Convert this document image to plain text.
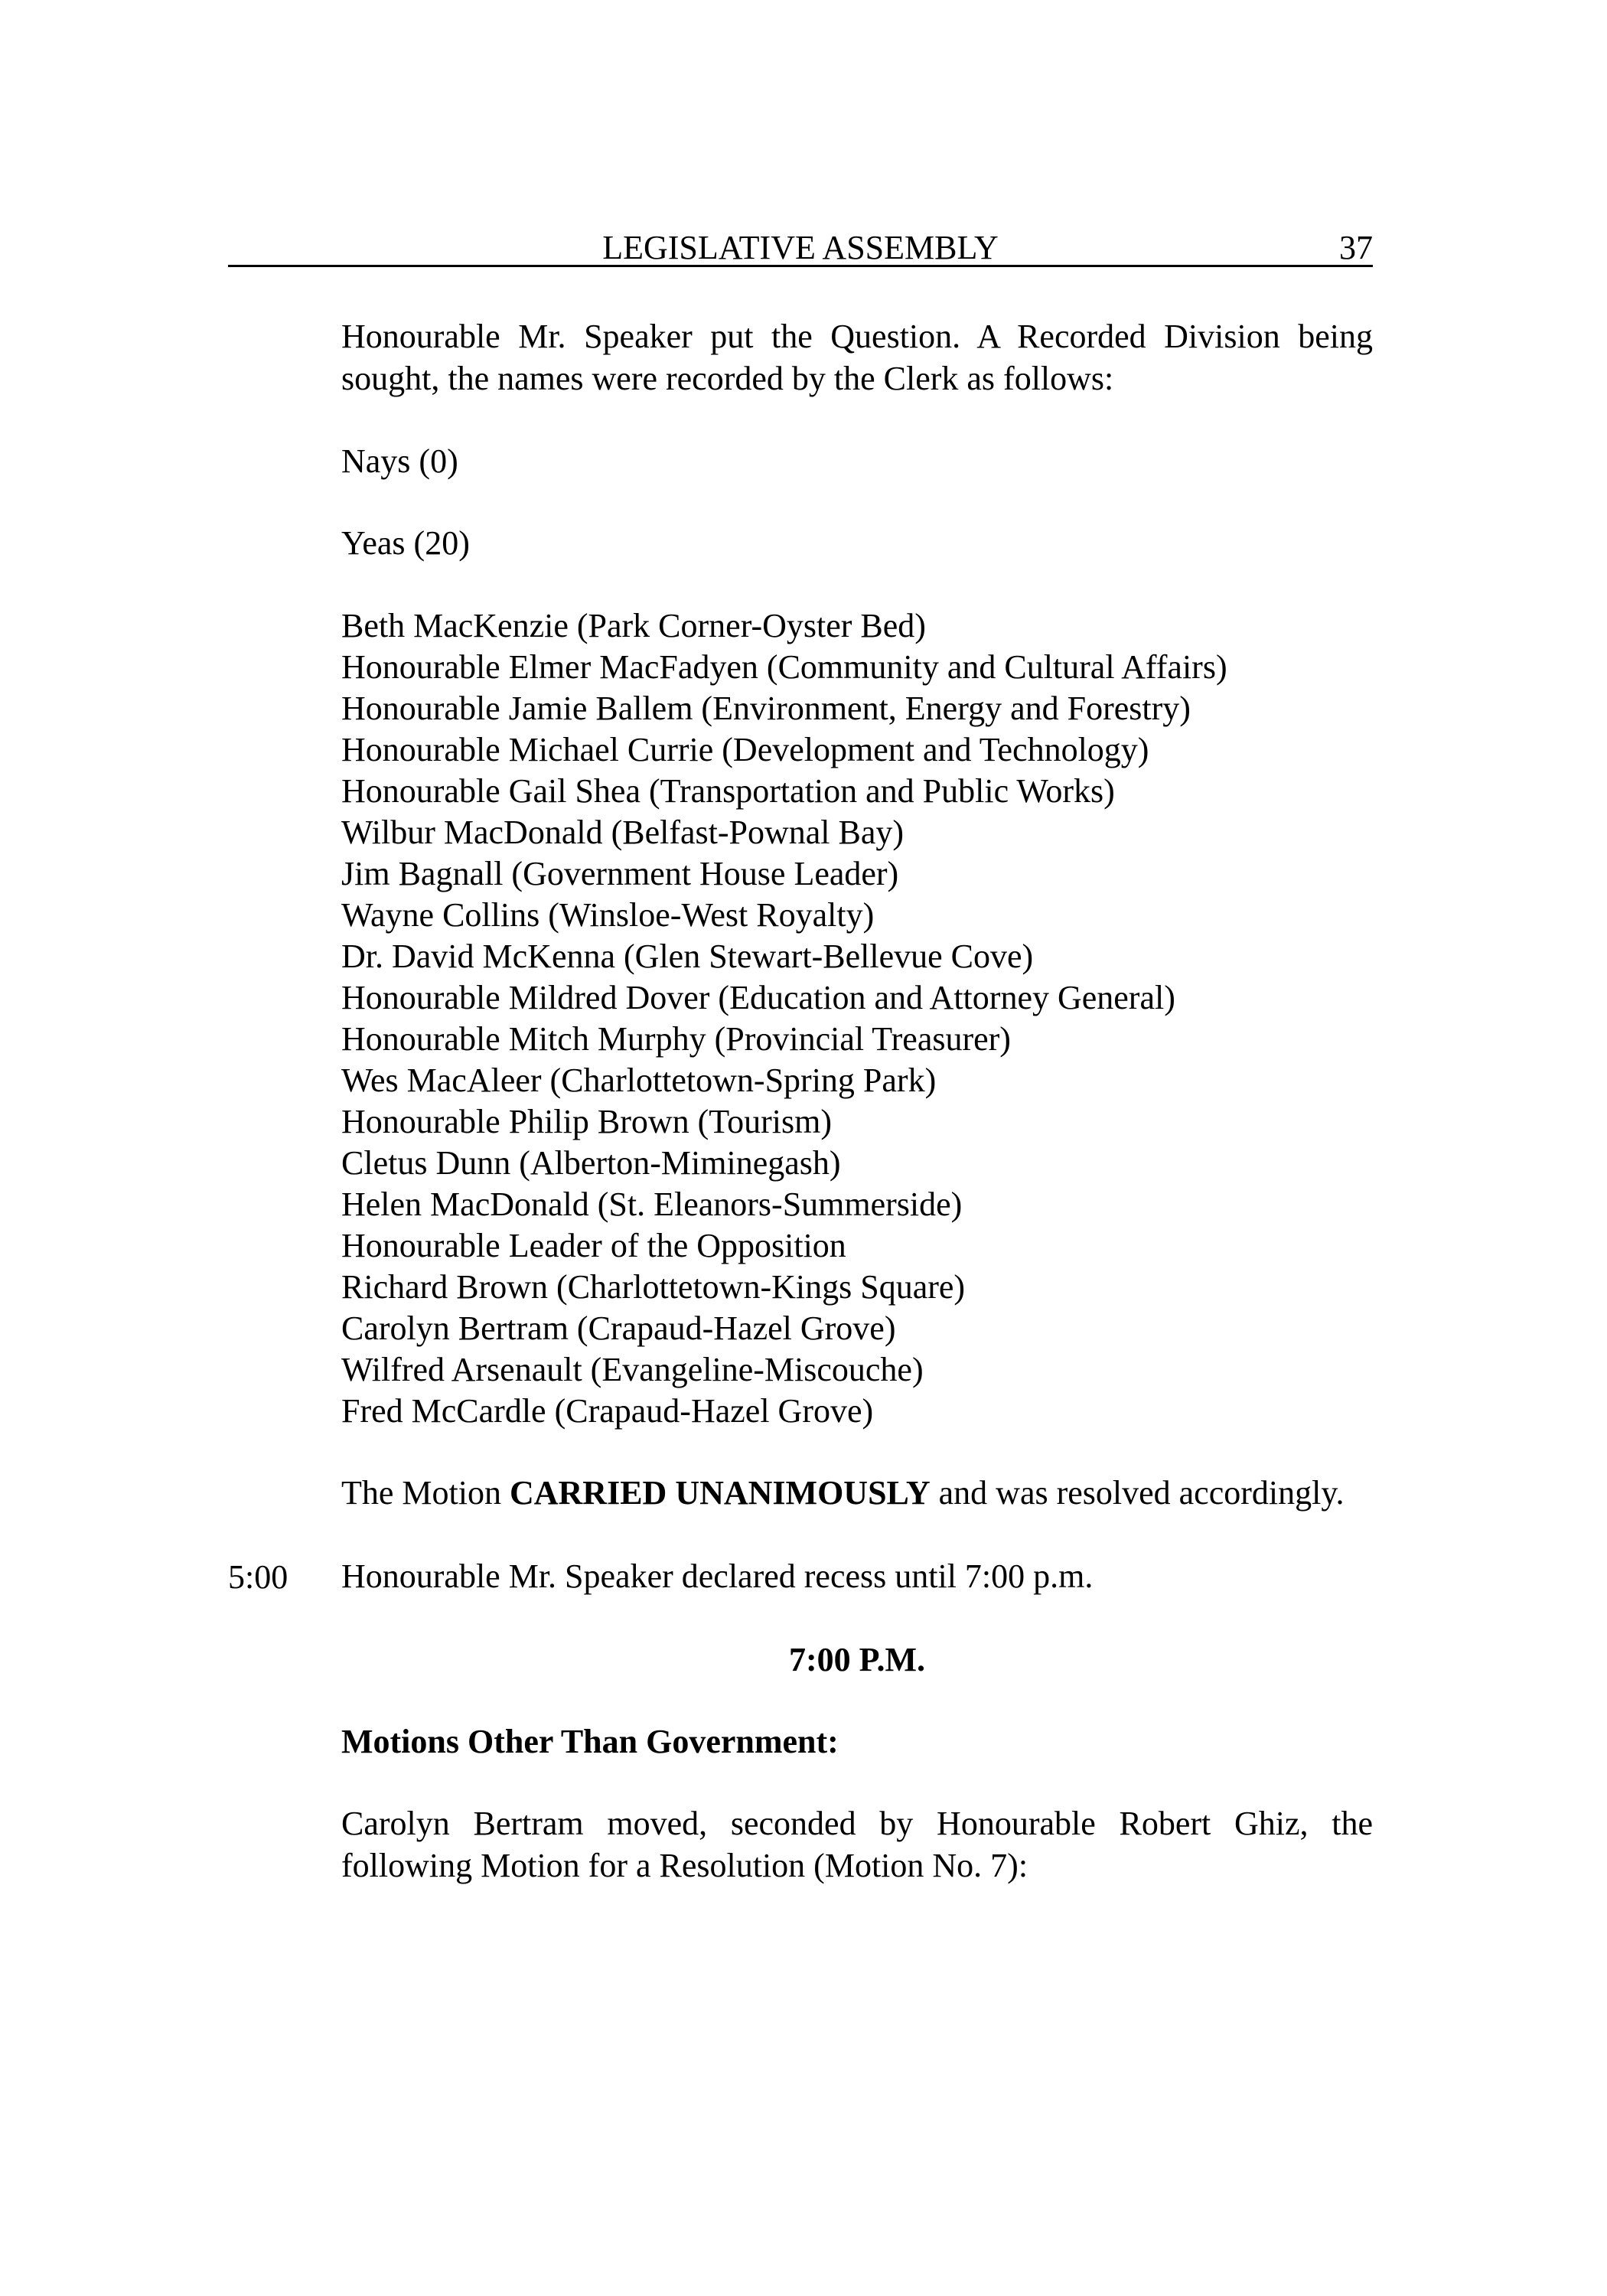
LEGISLATIVE ASSEMBLY	37

Honourable Mr. Speaker put the Question. A Recorded Division being sought, the names were recorded by the Clerk as follows:

Nays (0)

Yeas (20)

Beth MacKenzie (Park Corner-Oyster Bed)

Honourable Elmer MacFadyen (Community and Cultural Affairs)

Honourable Jamie Ballem (Environment, Energy and Forestry)

Honourable Michael Currie (Development and Technology)

Honourable Gail Shea (Transportation and Public Works)

Wilbur MacDonald (Belfast-Pownal Bay)

Jim Bagnall (Government House Leader)

Wayne Collins (Winsloe-West Royalty)

Dr. David McKenna (Glen Stewart-Bellevue Cove)

Honourable Mildred Dover (Education and Attorney General)

Honourable Mitch Murphy (Provincial Treasurer)

Wes MacAleer (Charlottetown-Spring Park)

Honourable Philip Brown (Tourism)

Cletus Dunn (Alberton-Miminegash)

Helen MacDonald (St. Eleanors-Summerside)

Honourable Leader of the Opposition

Richard Brown (Charlottetown-Kings Square)

Carolyn Bertram (Crapaud-Hazel Grove)

Wilfred Arsenault (Evangeline-Miscouche)

Fred McCardle (Crapaud-Hazel Grove)

The Motion CARRIED UNANIMOUSLY and was resolved accordingly.

5:00 Honourable Mr. Speaker declared recess until 7:00 p.m.

7:00 P.M.
Motions Other Than Government:

Carolyn Bertram moved, seconded by Honourable Robert Ghiz, the following Motion for a Resolution (Motion No. 7):
